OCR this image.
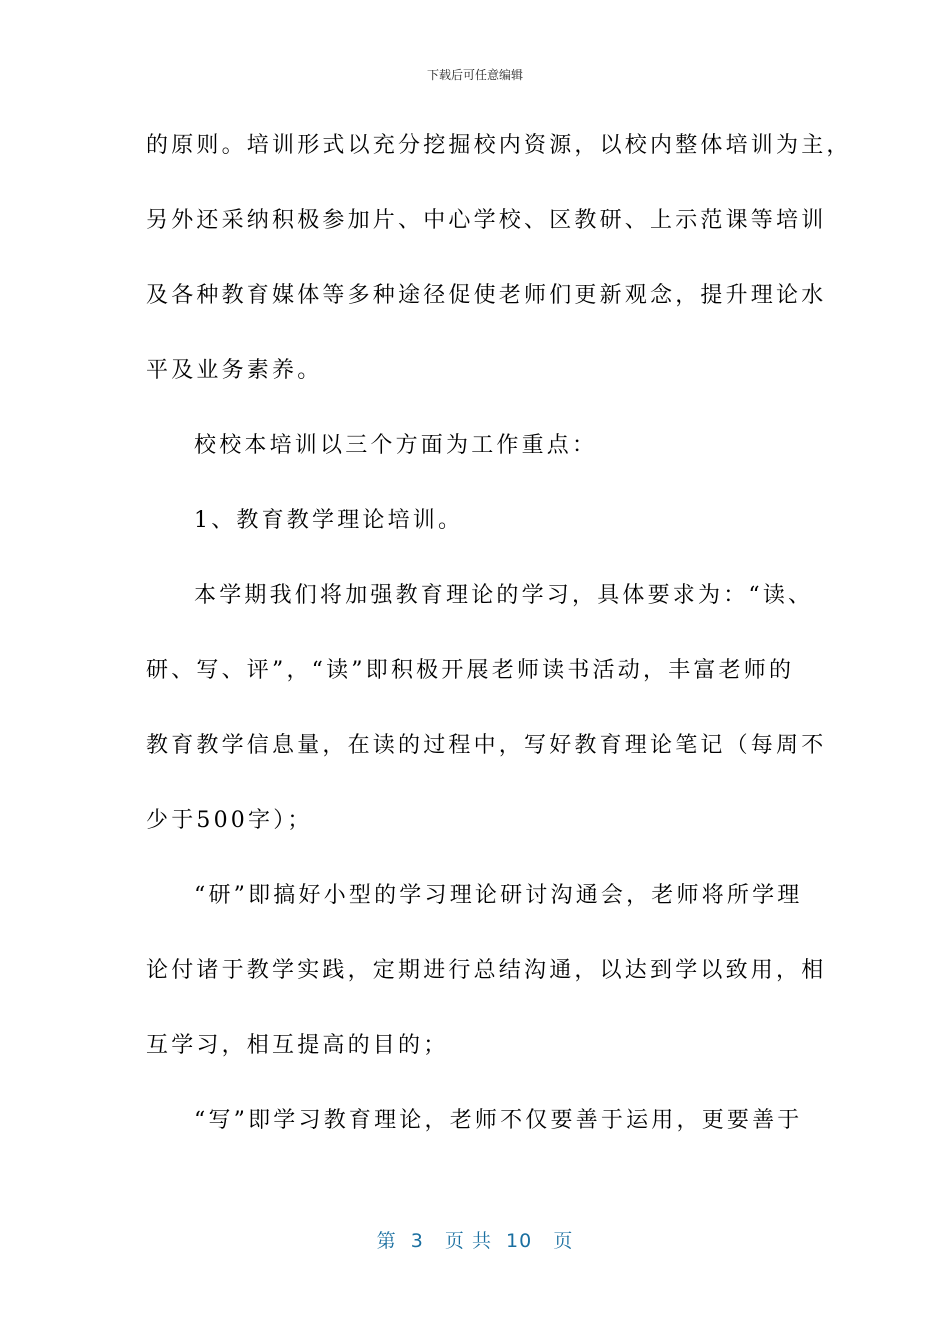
下载后可任意编辑
的原则。培训形式以充分挖掘校内资源，以校内整体培训为主，
另外还采纳积极参加片、中心学校、区教研、上示范课等培训
及各种教育媒体等多种途径促使老师们更新观念，提升理论水
平及业务素养。
校校本培训以三个方面为工作重点：
1、教育教学理论培训。
本学期我们将加强教育理论的学习，具体要求为：“读、
研、写、评”，“读”即积极开展老师读书活动，丰富老师的
教育教学信息量，在读的过程中，写好教育理论笔记（每周不
少于500字）；
“研”即搞好小型的学习理论研讨沟通会，老师将所学理
论付诸于教学实践，定期进行总结沟通，以达到学以致用，相
互学习，相互提高的目的；
“写”即学习教育理论，老师不仅要善于运用，更要善于
第  3   页 共  10   页
